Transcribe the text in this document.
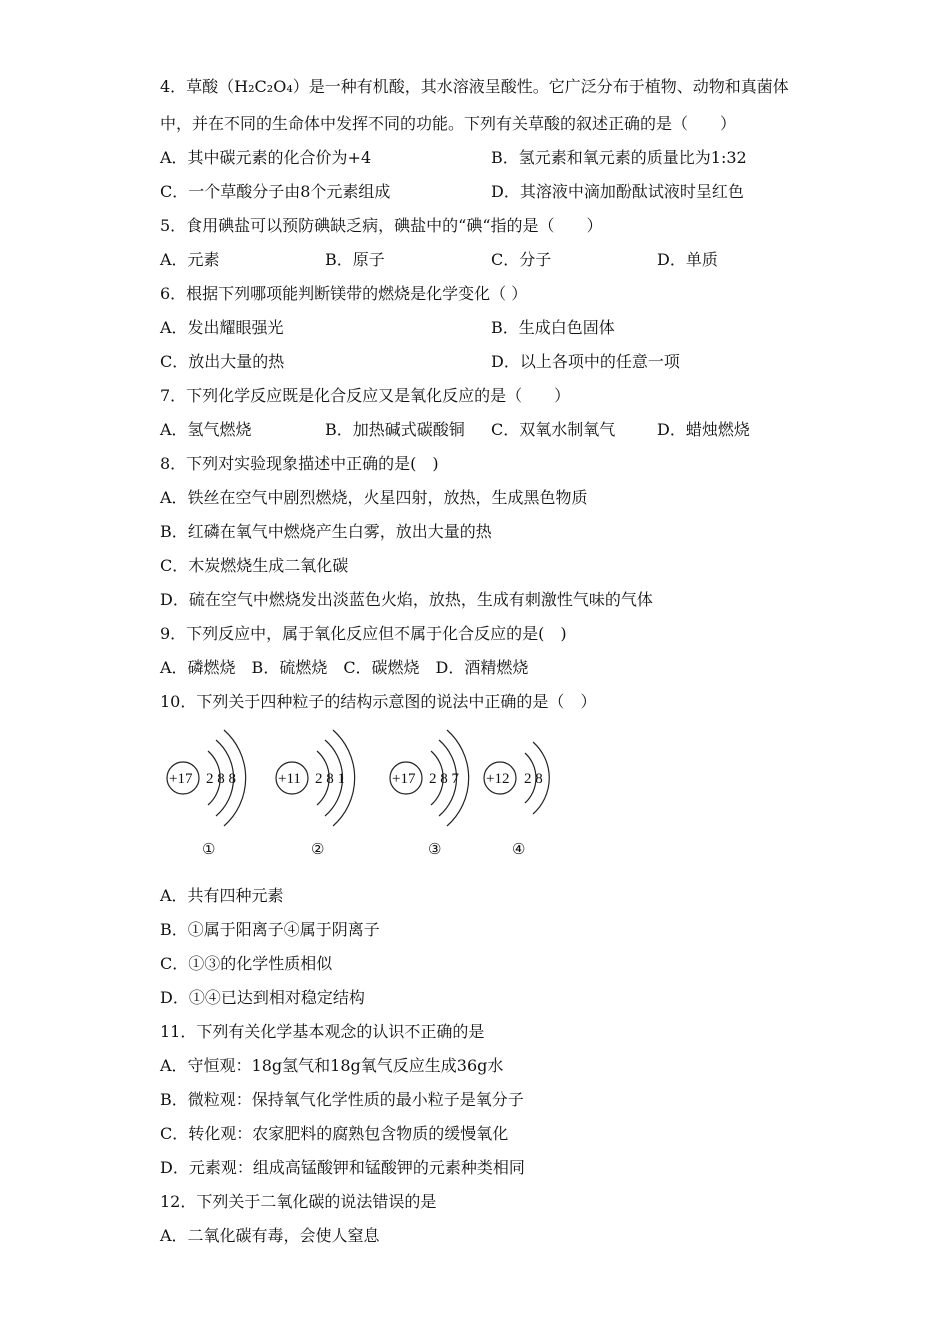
4．草酸（H₂C₂O₄）是一种有机酸，其水溶液呈酸性。它广泛分布于植物、动物和真菌体
中，并在不同的生命体中发挥不同的功能。下列有关草酸的叙述正确的是（　　）
A．其中碳元素的化合价为+4	B．氢元素和氧元素的质量比为1:32
C．一个草酸分子由8个元素组成	D．其溶液中滴加酚酞试液时呈红色
5．食用碘盐可以预防碘缺乏病，碘盐中的“碘“指的是（　　）
A．元素	B．原子	C．分子	D．单质
6．根据下列哪项能判断镁带的燃烧是化学变化（ ）
A．发出耀眼强光	B．生成白色固体
C．放出大量的热	D．以上各项中的任意一项
7．下列化学反应既是化合反应又是氧化反应的是（　　）
A．氢气燃烧	B．加热碱式碳酸铜 C．双氧水制氧气	D．蜡烛燃烧
8．下列对实验现象描述中正确的是(　)
A．铁丝在空气中剧烈燃烧，火星四射，放热，生成黑色物质
B．红磷在氧气中燃烧产生白雾，放出大量的热
C．木炭燃烧生成二氧化碳
D．硫在空气中燃烧发出淡蓝色火焰，放热，生成有刺激性气味的气体
9．下列反应中，属于氧化反应但不属于化合反应的是(　)
A．磷燃烧　B．硫燃烧　C．碳燃烧　D．酒精燃烧
10．下列关于四种粒子的结构示意图的说法中正确的是（　）
+17 2 8 8	+11 2 8 1	+17 2 8 7 +12 2 8
①	②	③	④
A．共有四种元素
B．①属于阳离子④属于阴离子
C．①③的化学性质相似
D．①④已达到相对稳定结构
11．下列有关化学基本观念的认识不正确的是
A．守恒观：18g氢气和18g氧气反应生成36g水
B．微粒观：保持氧气化学性质的最小粒子是氧分子
C．转化观：农家肥料的腐熟包含物质的缓慢氧化
D．元素观：组成高锰酸钾和锰酸钾的元素种类相同
12．下列关于二氧化碳的说法错误的是
A．二氧化碳有毒，会使人窒息
